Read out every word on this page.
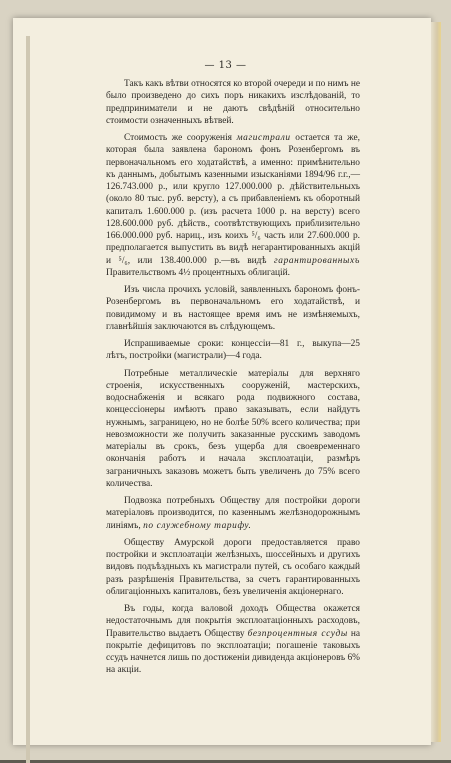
— 13 —

Такъ какъ вѣтви относятся ко второй очереди и по нимъ не было произведено до сихъ поръ никакихъ изслѣдованій, то предприниматели и не даютъ свѣдѣній относительно стоимости означенныхъ вѣтвей.

Стоимость же сооруженія магистрали остается та же, которая была заявлена барономъ фонъ Розенбергомъ въ первоначальномъ его ходатайствѣ, а именно: примѣнительно къ даннымъ, добытымъ казенными изысканіями 1894/96 г.г.,—126.743.000 р., или кругло 127.000.000 р. дѣйствительныхъ (около 80 тыс. руб. версту), а съ прибавленіемъ къ оборотный капиталъ 1.600.000 р. (изъ расчета 1000 р. на версту) всего 128.600.000 руб. дѣйств., соотвѣтствующихъ приблизительно 166.000.000 руб. нариц., изъ коихъ ⁵/₆ часть или 27.600.000 р. предполагается выпустить въ видѣ негарантированныхъ акцій и ⁵/₆, или 138.400.000 р.—въ видѣ гарантированныхъ Правительствомъ 4½ процентныхъ облигацій.

Изъ числа прочихъ условій, заявленныхъ барономъ фонъ-Розенбергомъ въ первоначальномъ его ходатайствѣ, и повидимому и въ настоящее время имъ не измѣняемыхъ, главнѣйшія заключаются въ слѣдующемъ.

Испрашиваемые сроки: концессіи—81 г., выкупа—25 лѣтъ, постройки (магистрали)—4 года.

Потребные металлическіе матеріалы для верхняго строенія, искусственныхъ сооруженій, мастерскихъ, водоснабженія и всякаго рода подвижного состава, концессіонеры имѣютъ право заказывать, если найдутъ нужнымъ, заграницею, но не болѣе 50% всего количества; при невозможности же получить заказанные русскимъ заводомъ матеріалы въ срокъ, безъ ущерба для своевременнаго окончанія работъ и начала эксплоатаціи, размѣръ заграничныхъ заказовъ можетъ быть увеличенъ до 75% всего количества.

Подвозка потребныхъ Обществу для постройки дороги матеріаловъ производится, по казеннымъ желѣзнодорожнымъ линіямъ, по служебному тарифу.

Обществу Амурской дороги предоставляется право постройки и эксплоатаціи желѣзныхъ, шоссейныхъ и другихъ видовъ подъѣздныхъ къ магистрали путей, съ особаго каждый разъ разрѣшенія Правительства, за счетъ гарантированныхъ облигаціонныхъ капиталовъ, безъ увеличенія акціонернаго.

Въ годы, когда валовой доходъ Общества окажется недостаточнымъ для покрытія эксплоатаціонныхъ расходовъ, Правительство выдаетъ Обществу безпроцентныя ссуды на покрытіе дефицитовъ по эксплоатаціи; погашеніе таковыхъ ссудъ начнется лишь по достиженіи дивиденда акціонеровъ 6% на акціи.
